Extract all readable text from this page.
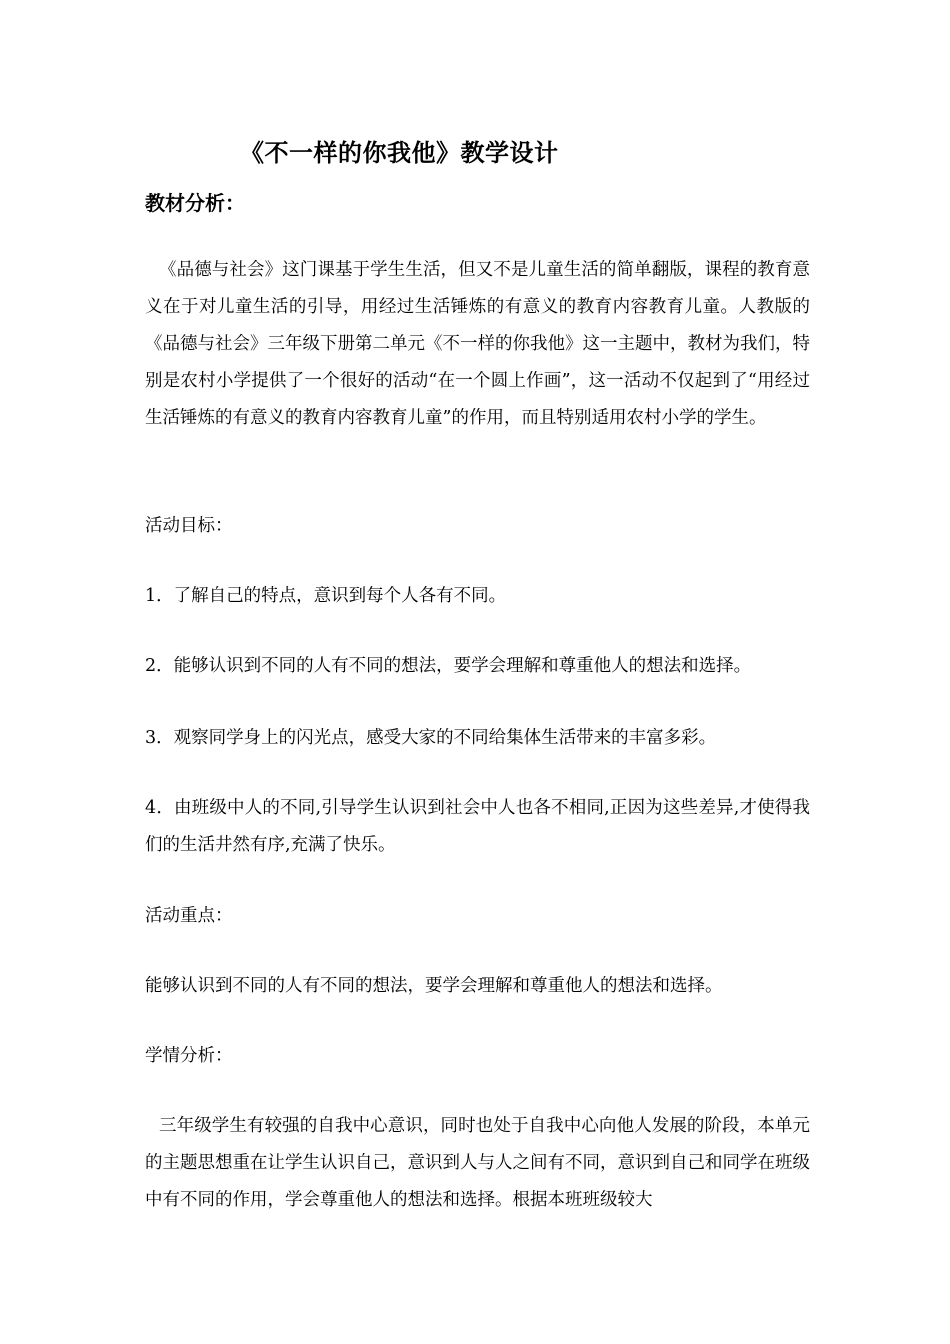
《不一样的你我他》教学设计
教材分析：
《品德与社会》这门课基于学生生活，但又不是儿童生活的简单翻版，课程的教育意义在于对儿童生活的引导，用经过生活锤炼的有意义的教育内容教育儿童。人教版的《品德与社会》三年级下册第二单元《不一样的你我他》这一主题中，教材为我们，特别是农村小学提供了一个很好的活动“在一个圆上作画”，这一活动不仅起到了“用经过生活锤炼的有意义的教育内容教育儿童”的作用，而且特别适用农村小学的学生。
活动目标：
1．了解自己的特点，意识到每个人各有不同。
2．能够认识到不同的人有不同的想法，要学会理解和尊重他人的想法和选择。
3．观察同学身上的闪光点，感受大家的不同给集体生活带来的丰富多彩。
4．由班级中人的不同,引导学生认识到社会中人也各不相同,正因为这些差异,才使得我们的生活井然有序,充满了快乐。
活动重点：
能够认识到不同的人有不同的想法，要学会理解和尊重他人的想法和选择。
学情分析：
三年级学生有较强的自我中心意识，同时也处于自我中心向他人发展的阶段，本单元的主题思想重在让学生认识自己，意识到人与人之间有不同，意识到自己和同学在班级中有不同的作用，学会尊重他人的想法和选择。根据本班班级较大
